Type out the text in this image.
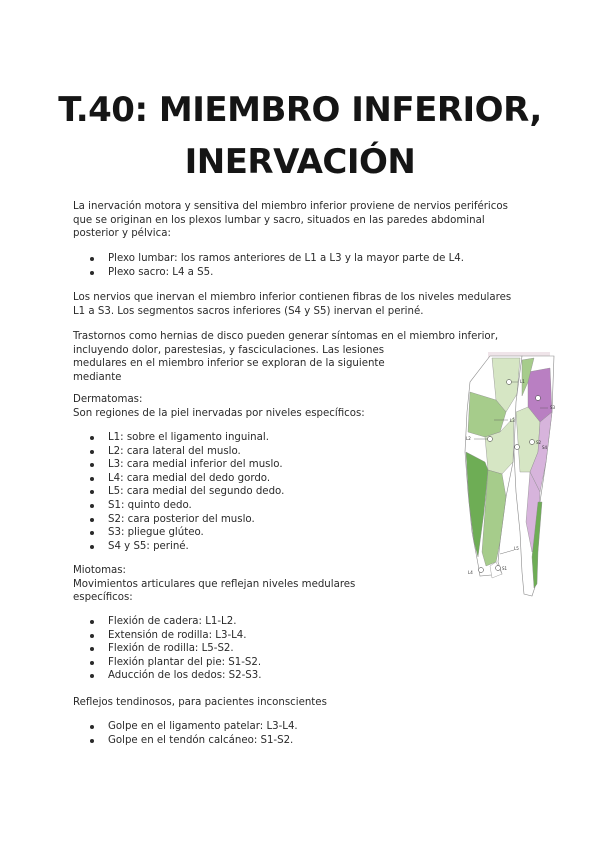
T.40: MIEMBRO INFERIOR,
INERVACIÓN
La inervación motora y sensitiva del miembro inferior proviene de nervios periféricos
que se originan en los plexos lumbar y sacro, situados en las paredes abdominal
posterior y pélvica:
Plexo lumbar: los ramos anteriores de L1 a L3 y la mayor parte de L4.
Plexo sacro: L4 a S5.
Los nervios que inervan el miembro inferior contienen fibras de los niveles medulares
L1 a S3. Los segmentos sacros inferiores (S4 y S5) inervan el periné.
Trastornos como hernias de disco pueden generar síntomas en el miembro inferior,
incluyendo dolor, parestesias, y fasciculaciones. Las lesiones
medulares en el miembro inferior se exploran de la siguiente
mediante
Dermatomas:
Son regiones de la piel inervadas por niveles específicos:
L1: sobre el ligamento inguinal.
L2: cara lateral del muslo.
L3: cara medial inferior del muslo.
L4: cara medial del dedo gordo.
L5: cara medial del segundo dedo.
S1: quinto dedo.
S2: cara posterior del muslo.
S3: pliegue glúteo.
S4 y S5: periné.
Miotomas:
Movimientos articulares que reflejan niveles medulares
específicos:
Flexión de cadera: L1-L2.
Extensión de rodilla: L3-L4.
Flexión de rodilla: L5-S2.
Flexión plantar del pie: S1-S2.
Aducción de los dedos: S2-S3.
Reflejos tendinosos, para pacientes inconscientes
Golpe en el ligamento patelar: L3-L4.
Golpe en el tendón calcáneo: S1-S2.
L1
L2
L3
L4
L5
S1
S3
S2
S4
